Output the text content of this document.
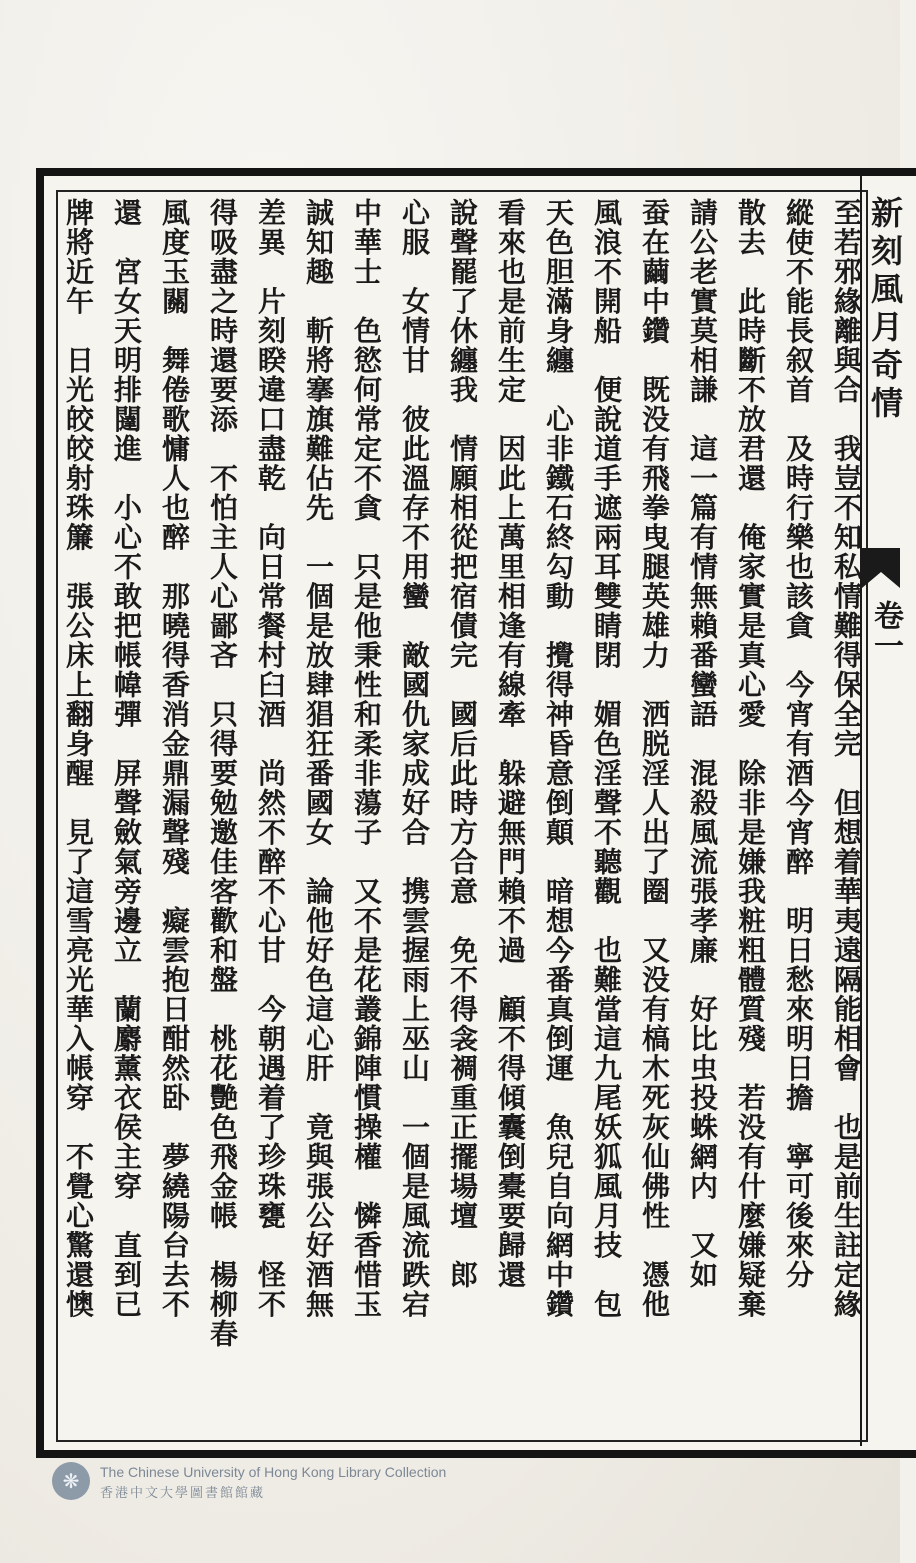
新刻風月奇情
卷一
至若邪緣離與合　我豈不知私情難得保全完　但想着華夷遠隔能相會　也是前生註定緣
縱使不能長叙首　及時行樂也該貪　今宵有酒今宵醉　明日愁來明日擔　寧可後來分
散去　此時斷不放君還　俺家實是真心愛　除非是嫌我粧粗體質殘　若没有什麼嫌疑棄
請公老實莫相謙　這一篇有情無賴番蠻語　混殺風流張孝廉　好比虫投蛛網内　又如
蚕在繭中鑽　既没有飛拳曳腿英雄力　洒脱淫人出了圈　又没有槁木死灰仙佛性　憑他
風浪不開船　便說道手遮兩耳雙睛閉　媚色淫聲不聽觀　也難當這九尾妖狐風月技　包
天色胆滿身纏　心非鐵石終勾動　攪得神昏意倒顛　暗想今番真倒運　魚兒自向網中鑽
看來也是前生定　因此上萬里相逢有線牽　躲避無門賴不過　顧不得傾囊倒橐要歸還
說聲罷了休纏我　情願相從把宿債完　國后此時方合意　免不得衾裯重正擺場壇　郎
心服　女情甘　彼此溫存不用蠻　敵國仇家成好合　携雲握雨上巫山　一個是風流跌宕
中華士　色慾何常定不貪　只是他秉性和柔非蕩子　又不是花叢錦陣慣操權　憐香惜玉
誠知趣　斬將搴旗難佔先　一個是放肆猖狂番國女　論他好色這心肝　竟與張公好酒無
差異　片刻睽違口盡乾　向日常餐村臼酒　尚然不醉不心甘　今朝遇着了珍珠甕　怪不
得吸盡之時還要添　不怕主人心鄙吝　只得要勉邀佳客歡和盤　桃花艷色飛金帳　楊柳春
風度玉關　舞倦歌慵人也醉　那曉得香消金鼎漏聲殘　癡雲抱日酣然卧　夢繞陽台去不
還　宮女天明排闥進　小心不敢把帳幃彈　屏聲斂氣旁邊立　蘭麝薰衣侯主穿　直到已
牌將近午　日光皎皎射珠簾　張公床上翻身醒　見了這雪亮光華入帳穿　不覺心驚還懊
❋	The Chinese University of Hong Kong Library Collection
香港中文大學圖書館館藏
